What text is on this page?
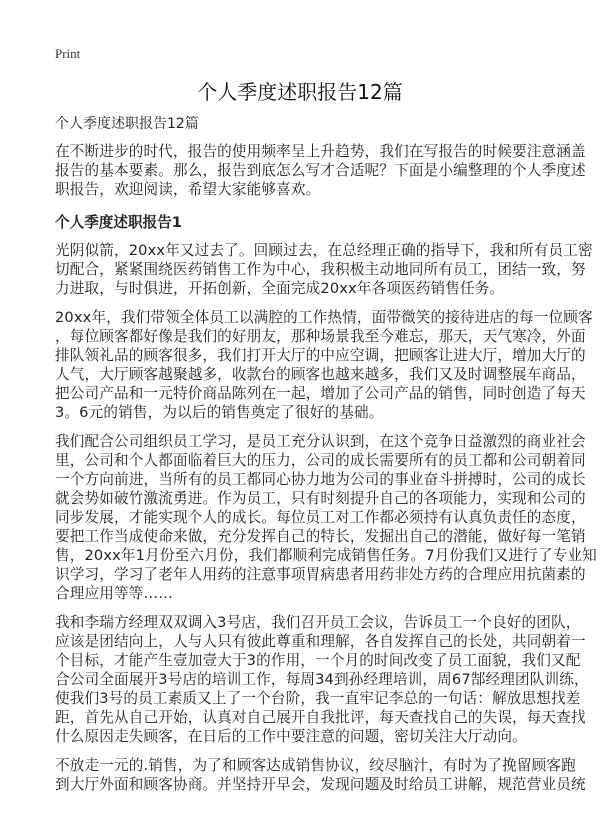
Print
个人季度述职报告12篇
个人季度述职报告12篇
在不断进步的时代，报告的使用频率呈上升趋势，我们在写报告的时候要注意涵盖
报告的基本要素。那么，报告到底怎么写才合适呢？下面是小编整理的个人季度述
职报告，欢迎阅读，希望大家能够喜欢。
个人季度述职报告1
光阴似箭，20xx年又过去了。回顾过去，在总经理正确的指导下，我和所有员工密
切配合，紧紧围绕医药销售工作为中心，我积极主动地同所有员工，团结一致，努
力进取，与时俱进，开拓创新，全面完成20xx年各项医药销售任务。
20xx年，我们带领全体员工以满腔的工作热情，面带微笑的接待进店的每一位顾客
，每位顾客都好像是我们的好朋友，那种场景我至今难忘，那天，天气寒冷，外面
排队领礼品的顾客很多，我们打开大厅的中应空调，把顾客让进大厅，增加大厅的
人气，大厅顾客越聚越多，收款台的顾客也越来越多，我们又及时调整展车商品，
把公司产品和一元特价商品陈列在一起，增加了公司产品的销售，同时创造了每天
3。6元的销售，为以后的销售奠定了很好的基础。
我们配合公司组织员工学习，是员工充分认识到，在这个竞争日益激烈的商业社会
里，公司和个人都面临着巨大的压力，公司的成长需要所有的员工都和公司朝着同
一个方向前进，当所有的员工都同心协力地为公司的事业奋斗拼搏时，公司的成长
就会势如破竹激流勇进。作为员工，只有时刻提升自己的各项能力，实现和公司的
同步发展，才能实现个人的成长。每位员工对工作都必须持有认真负责任的态度，
要把工作当成使命来做，充分发挥自己的特长，发掘出自己的潜能，做好每一笔销
售，20xx年1月份至六月份，我们都顺利完成销售任务。7月份我们又进行了专业知
识学习，学习了老年人用药的注意事项胃病患者用药非处方药的合理应用抗菌素的
合理应用等等……
我和李瑞方经理双双调入3号店，我们召开员工会议，告诉员工一个良好的团队，
应该是团结向上，人与人只有彼此尊重和理解，各自发挥自己的长处，共同朝着一
个目标，才能产生壹加壹大于3的作用，一个月的时间改变了员工面貌，我们又配
合公司全面展开3号店的培训工作，每周34到孙经理培训，周67郜经理团队训练，
使我们3号的员工素质又上了一个台阶，我一直牢记李总的一句话：解放思想找差
距，首先从自己开始，认真对自己展开自我批评，每天查找自己的失误，每天查找
什么原因走失顾客，在日后的工作中要注意的问题，密切关注大厅动向。
不放走一元的.销售，为了和顾客达成销售协议，绞尽脑汁，有时为了挽留顾客跑
到大厅外面和顾客协商。并坚持开早会，发现问题及时给员工讲解，规范营业员统
